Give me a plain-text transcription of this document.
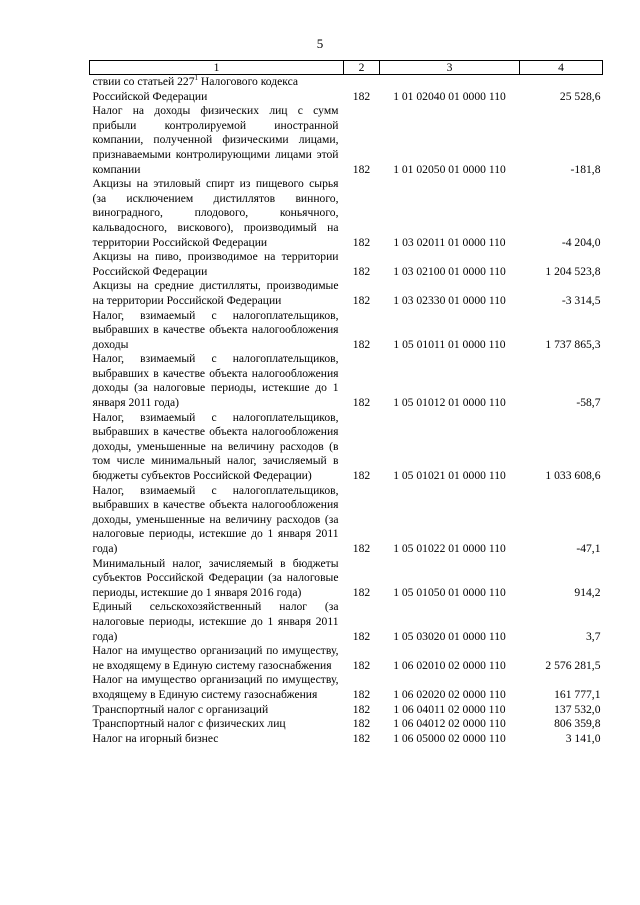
5
1	2	3	4
ствии со статьей $227^1$ Налогового кодекса			
Российской Федерации	182	1 01 02040 01 0000 110	25 528,6
Налог на доходы физических лиц с сумм прибыли контролируемой иностранной компании, полученной физическими лицами, признаваемыми контролирующими лицами этой компании	182	1 01 02050 01 0000 110	-181,8
Акцизы на этиловый спирт из пищевого сырья (за исключением дистиллятов винного, виноградного, плодового, коньячного, кальвадосного, вискового), производимый на территории Российской Федерации	182	1 03 02011 01 0000 110	-4 204,0
Акцизы на пиво, производимое на территории Российской Федерации	182	1 03 02100 01 0000 110	1 204 523,8
Акцизы на средние дистилляты, производимые на территории Российской Федерации	182	1 03 02330 01 0000 110	-3 314,5
Налог, взимаемый с налогоплательщиков, выбравших в качестве объекта налогообложения доходы	182	1 05 01011 01 0000 110	1 737 865,3
Налог, взимаемый с налогоплательщиков, выбравших в качестве объекта налогообложения доходы (за налоговые периоды, истекшие до 1 января 2011 года)	182	1 05 01012 01 0000 110	-58,7
Налог, взимаемый с налогоплательщиков, выбравших в качестве объекта налогообложения доходы, уменьшенные на величину расходов (в том числе минимальный налог, зачисляемый в бюджеты субъектов Российской Федерации)	182	1 05 01021 01 0000 110	1 033 608,6
Налог, взимаемый с налогоплательщиков, выбравших в качестве объекта налогообложения доходы, уменьшенные на величину расходов (за налоговые периоды, истекшие до 1 января 2011 года)	182	1 05 01022 01 0000 110	-47,1
Минимальный налог, зачисляемый в бюджеты субъектов Российской Федерации (за налоговые периоды, истекшие до 1 января 2016 года)	182	1 05 01050 01 0000 110	914,2
Единый сельскохозяйственный налог (за налоговые периоды, истекшие до 1 января 2011 года)	182	1 05 03020 01 0000 110	3,7
Налог на имущество организаций по имуществу, не входящему в Единую систему газоснабжения	182	1 06 02010 02 0000 110	2 576 281,5
Налог на имущество организаций по имуществу, входящему в Единую систему газоснабжения	182	1 06 02020 02 0000 110	161 777,1
Транспортный налог с организаций	182	1 06 04011 02 0000 110	137 532,0
Транспортный налог с физических лиц	182	1 06 04012 02 0000 110	806 359,8
Налог на игорный бизнес	182	1 06 05000 02 0000 110	3 141,0
